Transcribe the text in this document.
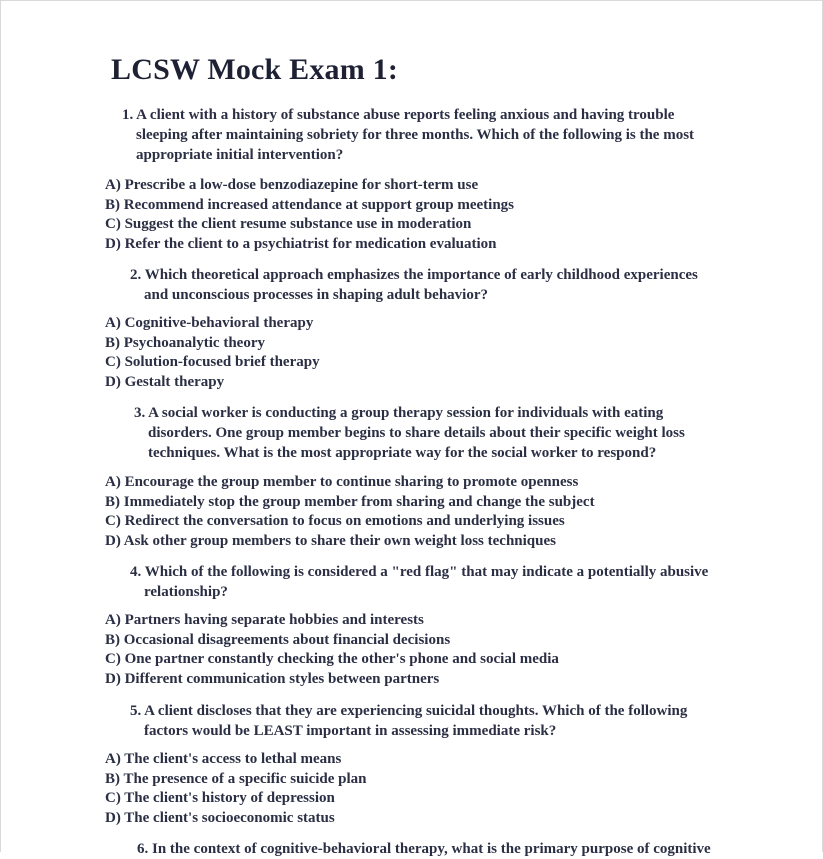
LCSW Mock Exam 1:

1. A client with a history of substance abuse reports feeling anxious and having trouble sleeping after maintaining sobriety for three months. Which of the following is the most appropriate initial intervention?

A) Prescribe a low-dose benzodiazepine for short-term use
B) Recommend increased attendance at support group meetings
C) Suggest the client resume substance use in moderation
D) Refer the client to a psychiatrist for medication evaluation

2. Which theoretical approach emphasizes the importance of early childhood experiences and unconscious processes in shaping adult behavior?

A) Cognitive-behavioral therapy
B) Psychoanalytic theory
C) Solution-focused brief therapy
D) Gestalt therapy

3. A social worker is conducting a group therapy session for individuals with eating disorders. One group member begins to share details about their specific weight loss techniques. What is the most appropriate way for the social worker to respond?

A) Encourage the group member to continue sharing to promote openness
B) Immediately stop the group member from sharing and change the subject
C) Redirect the conversation to focus on emotions and underlying issues
D) Ask other group members to share their own weight loss techniques

4. Which of the following is considered a "red flag" that may indicate a potentially abusive relationship?

A) Partners having separate hobbies and interests
B) Occasional disagreements about financial decisions
C) One partner constantly checking the other's phone and social media
D) Different communication styles between partners

5. A client discloses that they are experiencing suicidal thoughts. Which of the following factors would be LEAST important in assessing immediate risk?

A) The client's access to lethal means
B) The presence of a specific suicide plan
C) The client's history of depression
D) The client's socioeconomic status
6. In the context of cognitive-behavioral therapy, what is the primary purpose of cognitive
